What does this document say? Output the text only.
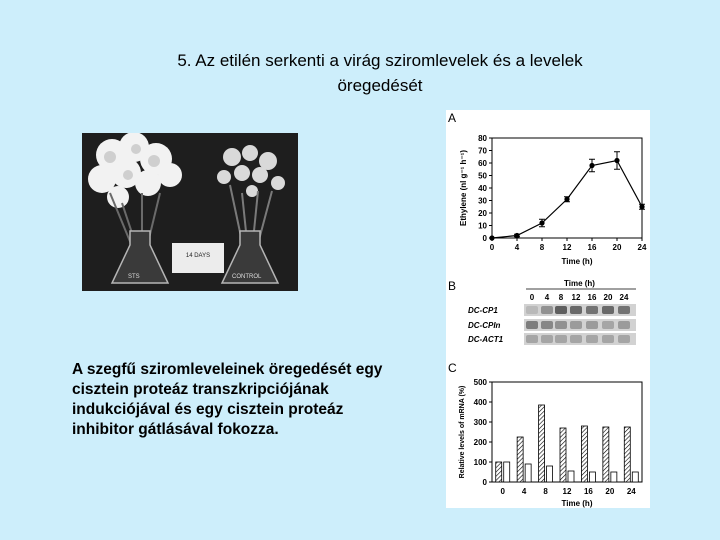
5. Az etilén serkenti a virág sziromlevelek és a levelek
öregedését
14 DAYS
STS	CONTROL
A szegfű sziromleveleinek öregedését egy cisztein proteáz transzkripciójának indukciójával és egy cisztein proteáz inhibitor gátlásával fokozza.
A
B
C
0
10
20
30
40
50
60
70
80
0	4	8 12 16 20 24
Time (h)
Ethylene (nl g⁻¹ h⁻¹)
Time (h)
0 4 8 12 16 20 24
DC-CP1
DC-CPIn
DC-ACT1
0
100
200
300
400
500
0 4 8 12 16 20 24
Time (h)
Relative levels of mRNA (%)
